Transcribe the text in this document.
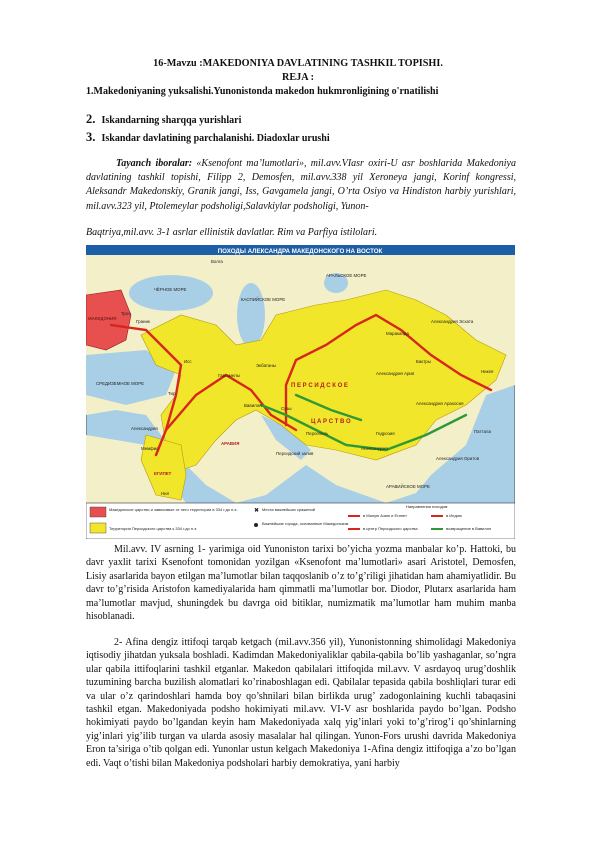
16-Mavzu :MAKEDONIYA DAVLATINING TASHKIL TOPISHI.
REJA :
1.Makedoniyaning yuksalishi.Yunonistonda makedon hukmronligining o'rnatilishi
2. Iskandarning sharqqa yurishlari
3. Iskandar davlatining parchalanishi. Diadoxlar urushi
Tayanch iboralar: «Ksenofont ma’lumotlari», mil.avv.VIasr oxiri-U asr boshlarida Makedoniya davlatining tashkil topishi, Filipp 2, Demosfen, mil.avv.338 yil Xeroneya jangi, Korinf kongressi, Aleksandr Makedonskiy, Granik jangi, Iss, Gavgamela jangi, O’rta Osiyo va Hindiston harbiy yurishlari, mil.avv.323 yil, Ptolemeylar podsholigi,Salavkiylar podsholigi, Yunon-
Baqtriya,mil.avv. 3-1 asrlar ellinistik davlatlar. Rim va Parfiya istilolari.
ПОХОДЫ АЛЕКСАНДРА МАКЕДОНСКОГО НА ВОСТОК
ЧЁРНОЕ МОРЕ
КАСПИЙСКОЕ МОРЕ
АРАЛЬСКОЕ МОРЕ
СРЕДИЗЕМНОЕ МОРЕ
Волга
МАКЕДОНИЯ
Троя
Граник
Исс
Тир
Александрия
Мемфис
ЕГИПЕТ
Нил
АРАВИЯ
Гавгамелы
Экбатаны
Вавилон
Сузы
Персеполь
Персидский залив
П Е Р С И Д С К О Е
Ц А Р С Т В О
Мараканда
Александрия Эсхата
Бактры
Александрия Ария
Александрия Арахосия
Никея
Паттала
Александрия Оритов
Александрия
Гедрозия
АРАВИЙСКОЕ МОРЕ
Македонское царство и зависимые от него территории в 334 г.до н.э.
Территория Персидского царства к 334 г.до н.э.
✖ Места важнейших сражений
Важнейшие города, основанные Македонским
Направления походов:
в Малую Азию и Египет
в центр Персидского царства
в Индию
возвращение в Вавилон
Mil.avv. IV asrning 1- yarimiga oid Yunoniston tarixi bo’yicha yozma manbalar ko’p. Hattoki, bu davr yaxlit tarixi Ksenofont tomonidan yozilgan «Ksenofont ma’lumotlari» asari Aristotel, Demosfen, Lisiy asarlarida bayon etilgan ma’lumotlar bilan taqqoslanib o’z to’g’riligi jihatidan ham ahamiyatlidir. Bu davr to’g’risida Aristofon kamediyalarida ham qimmatli ma’lumotlar bor. Diodor, Plutarx asarlarida ham ma’lumotlar mavjud, shuningdek bu davrga oid bitiklar, numizmatik ma’lumotlar ham muhim manba hisoblanadi.
2- Afina dengiz ittifoqi tarqab ketgach (mil.avv.356 yil), Yunonistonning shimolidagi Makedoniya iqtisodiy jihatdan yuksala boshladi. Kadimdan Makedoniyaliklar qabila-qabila bo’lib yashaganlar, so’ngra ular qabila ittifoqlarini tashkil etganlar. Makedon qabilalari ittifoqida mil.avv. V asrdayoq urug’doshlik tuzumining barcha buzilish alomatlari ko’rinaboshlagan edi. Qabilalar tepasida qabila boshliqlari turar edi va ular o’z qarindoshlari hamda boy qo’shnilari bilan birlikda urug’ zadogonlaining kuchli tabaqasini tashkil etgan. Makedoniyada podsho hokimiyati mil.avv. VI-V asr boshlarida paydo bo’lgan. Podsho hokimiyati paydo bo’lgandan keyin ham Makedoniyada xalq yig’inlari yoki to’g’rirog’i qo’shinlarning yig’inlari yig’ilib turgan va ularda asosiy masalalar hal qilingan. Yunon-Fors urushi davrida Makedoniya Eron ta’siriga o’tib qolgan edi. Yunonlar ustun kelgach Makedoniya 1-Afina dengiz ittifoqiga a’zo bo’lgan edi. Vaqt o’tishi bilan Makedoniya podsholari harbiy demokratiya, yani harbiy
